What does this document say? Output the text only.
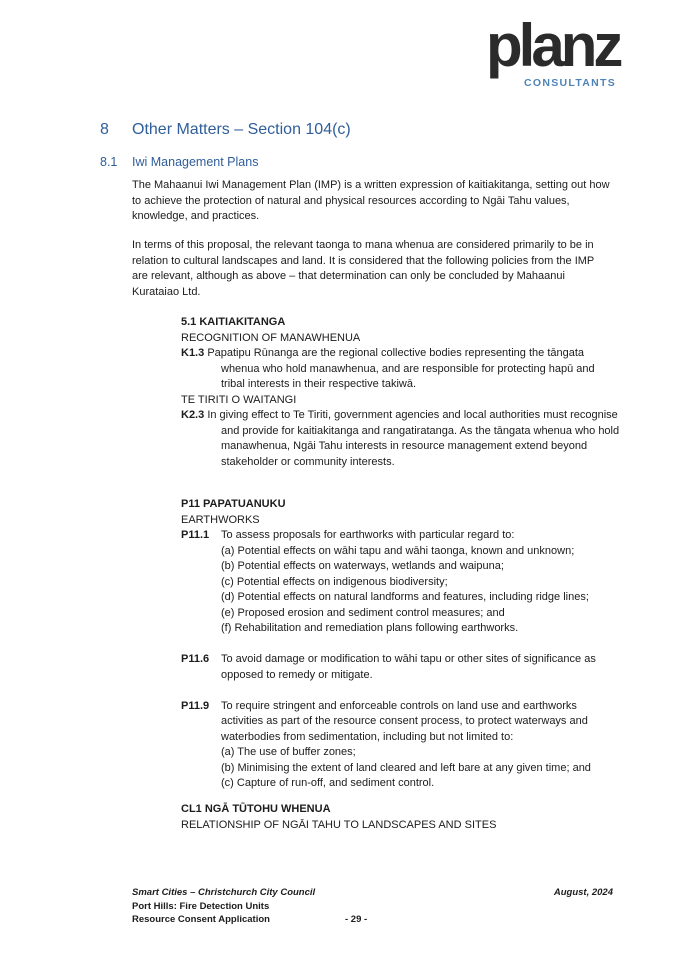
planz
CONSULTANTS
8 Other Matters – Section 104(c)
8.1 Iwi Management Plans

The Mahaanui Iwi Management Plan (IMP) is a written expression of kaitiakitanga, setting out how to achieve the protection of natural and physical resources according to Ngāi Tahu values, knowledge, and practices.

In terms of this proposal, the relevant taonga to mana whenua are considered primarily to be in relation to cultural landscapes and land. It is considered that the following policies from the IMP are relevant, although as above – that determination can only be concluded by Mahaanui Kurataiao Ltd.

5.1 KAITIAKITANGA
RECOGNITION OF MANAWHENUA
K1.3 Papatipu Rūnanga are the regional collective bodies representing the tāngata whenua who hold manawhenua, and are responsible for protecting hapū and tribal interests in their respective takiwā.
TE TIRITI O WAITANGI
K2.3 In giving effect to Te Tiriti, government agencies and local authorities must recognise and provide for kaitiakitanga and rangatiratanga. As the tāngata whenua who hold manawhenua, Ngāi Tahu interests in resource management extend beyond stakeholder or community interests.
P11 PAPATUANUKU
EARTHWORKS
P11.1	To assess proposals for earthworks with particular regard to:
(a) Potential effects on wāhi tapu and wāhi taonga, known and unknown;
(b) Potential effects on waterways, wetlands and waipuna;
(c) Potential effects on indigenous biodiversity;
(d) Potential effects on natural landforms and features, including ridge lines;
(e) Proposed erosion and sediment control measures; and
(f) Rehabilitation and remediation plans following earthworks.
P11.6	To avoid damage or modification to wāhi tapu or other sites of significance as opposed to remedy or mitigate.
P11.9	To require stringent and enforceable controls on land use and earthworks activities as part of the resource consent process, to protect waterways and waterbodies from sedimentation, including but not limited to:
(a) The use of buffer zones;
(b) Minimising the extent of land cleared and left bare at any given time; and
(c) Capture of run-off, and sediment control.
CL1 NGĀ TŪTOHU WHENUA
RELATIONSHIP OF NGĀI TAHU TO LANDSCAPES AND SITES
Smart Cities – Christchurch City Council	August, 2024
Port Hills: Fire Detection Units
Resource Consent Application	- 29 -
